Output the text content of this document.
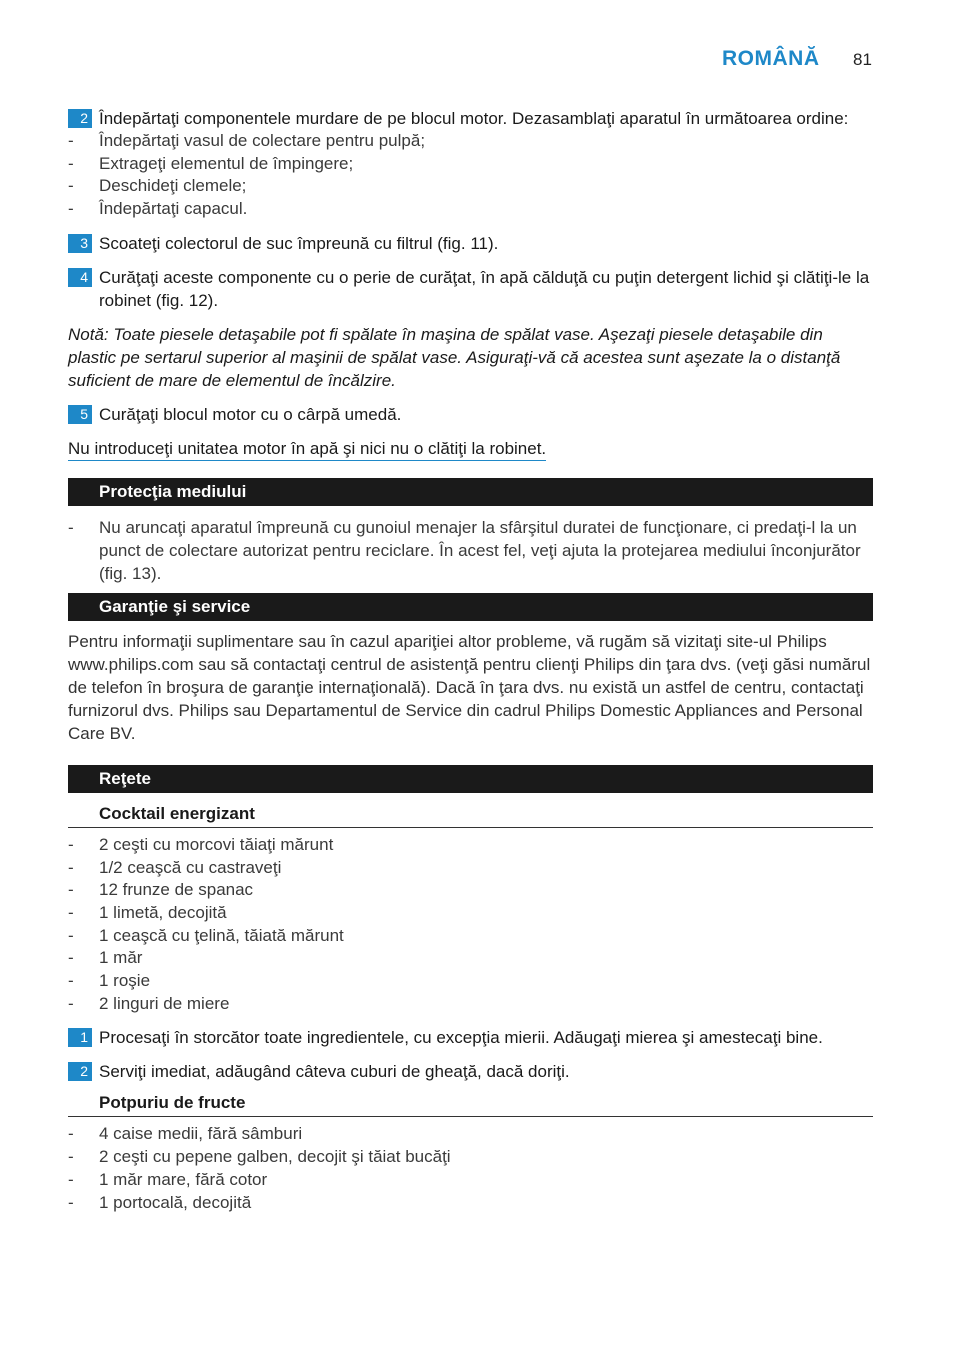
ROMÂNĂ 81
2 Îndepărtaţi componentele murdare de pe blocul motor. Dezasamblaţi aparatul în următoarea ordine:
- Îndepărtaţi vasul de colectare pentru pulpă;
- Extrageţi elementul de împingere;
- Deschideţi clemele;
- Îndepărtaţi capacul.
3 Scoateţi colectorul de suc împreună cu filtrul (fig. 11).
4 Curăţaţi aceste componente cu o perie de curăţat, în apă călduţă cu puţin detergent lichid şi clătiţi-le la robinet (fig. 12).
Notă: Toate piesele detaşabile pot fi spălate în maşina de spălat vase. Aşezaţi piesele detaşabile din plastic pe sertarul superior al maşinii de spălat vase. Asiguraţi-vă că acestea sunt aşezate la o distanţă suficient de mare de elementul de încălzire.
5 Curăţaţi blocul motor cu o cârpă umedă.
Nu introduceţi unitatea motor în apă şi nici nu o clătiţi la robinet.
Protecţia mediului
- Nu aruncaţi aparatul împreună cu gunoiul menajer la sfârşitul duratei de funcţionare, ci predaţi-l la un punct de colectare autorizat pentru reciclare. În acest fel, veţi ajuta la protejarea mediului înconjurător (fig. 13).
Garanţie şi service
Pentru informaţii suplimentare sau în cazul apariţiei altor probleme, vă rugăm să vizitaţi site-ul Philips www.philips.com sau să contactaţi centrul de asistenţă pentru clienţi Philips din ţara dvs. (veţi găsi numărul de telefon în broşura de garanţie internaţională). Dacă în ţara dvs. nu există un astfel de centru, contactaţi furnizorul dvs. Philips sau Departamentul de Service din cadrul Philips Domestic Appliances and Personal Care BV.
Reţete
Cocktail energizant
- 2 ceşti cu morcovi tăiaţi mărunt
- 1/2 ceaşcă cu castraveţi
- 12 frunze de spanac
- 1 limetă, decojită
- 1 ceaşcă cu ţelină, tăiată mărunt
- 1 măr
- 1 roşie
- 2 linguri de miere
1 Procesaţi în storcător toate ingredientele, cu excepţia mierii. Adăugaţi mierea şi amestecaţi bine.
2 Serviţi imediat, adăugând câteva cuburi de gheaţă, dacă doriţi.
Potpuriu de fructe
- 4 caise medii, fără sâmburi
- 2 ceşti cu pepene galben, decojit şi tăiat bucăţi
- 1 măr mare, fără cotor
- 1 portocală, decojită
